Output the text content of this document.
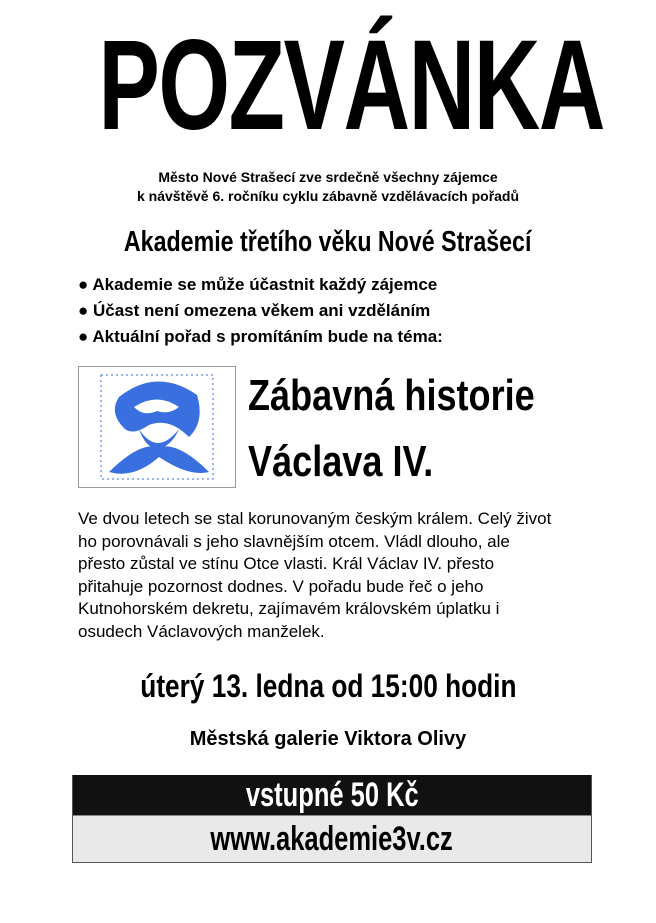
POZVÁNKA
Město Nové Strašecí zve srdečně všechny zájemce
k návštěvě 6. ročníku cyklu zábavně vzdělávacích pořadů
Akademie třetího věku Nové Strašecí
● Akademie se může účastnit každý zájemce
● Účast není omezena věkem ani vzděláním
● Aktuální pořad s promítáním bude na téma:
Zábavná historie
Václava IV.
Ve dvou letech se stal korunovaným českým králem. Celý život ho porovnávali s jeho slavnějším otcem. Vládl dlouho, ale přesto zůstal ve stínu Otce vlasti. Král Václav IV. přesto přitahuje pozornost dodnes. V pořadu bude řeč o jeho Kutnohorském dekretu, zajímavém královském úplatku i osudech Václavových manželek.
úterý 13. ledna od 15:00 hodin
Městská galerie Viktora Olivy
vstupné 50 Kč
www.akademie3v.cz
